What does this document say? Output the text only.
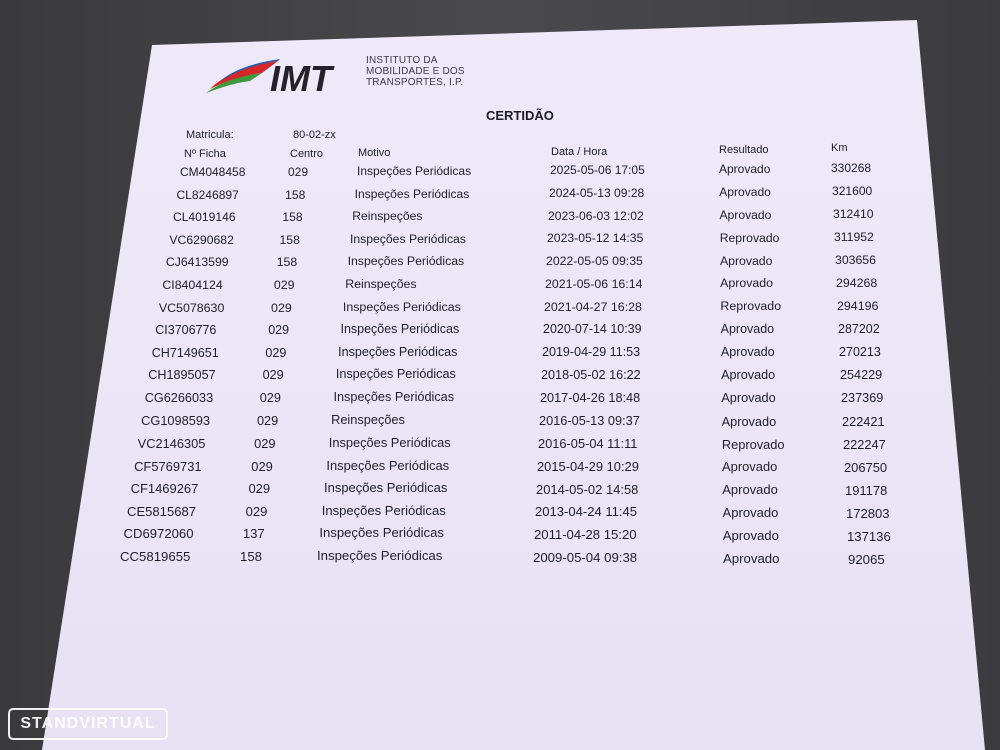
IMT	INSTITUTO DA
MOBILIDADE E DOS
TRANSPORTES, I.P.
CERTIDÃO
Matricula:	80-02-zx
Nº Ficha	Centro	Motivo	Data / Hora	Resultado	Km
CM4048458	029	Inspeções Periódicas	2025-05-06 17:05	Aprovado	330268
CL8246897	158	Inspeções Periódicas	2024-05-13 09:28	Aprovado	321600
CL4019146	158	Reinspeções	2023-06-03 12:02	Aprovado	312410
VC6290682	158	Inspeções Periódicas	2023-05-12 14:35	Reprovado	311952
CJ6413599	158	Inspeções Periódicas	2022-05-05 09:35	Aprovado	303656
CI8404124	029	Reinspeções	2021-05-06 16:14	Aprovado	294268
VC5078630	029	Inspeções Periódicas	2021-04-27 16:28	Reprovado	294196
CI3706776	029	Inspeções Periódicas	2020-07-14 10:39	Aprovado	287202
CH7149651	029	Inspeções Periódicas	2019-04-29 11:53	Aprovado	270213
CH1895057	029	Inspeções Periódicas	2018-05-02 16:22	Aprovado	254229
CG6266033	029	Inspeções Periódicas	2017-04-26 18:48	Aprovado	237369
CG1098593	029	Reinspeções	2016-05-13 09:37	Aprovado	222421
VC2146305	029	Inspeções Periódicas	2016-05-04 11:11	Reprovado	222247
CF5769731	029	Inspeções Periódicas	2015-04-29 10:29	Aprovado	206750
CF1469267	029	Inspeções Periódicas	2014-05-02 14:58	Aprovado	191178
CE5815687	029	Inspeções Periódicas	2013-04-24 11:45	Aprovado	172803
CD6972060	137	Inspeções Periódicas	2011-04-28 15:20	Aprovado	137136
CC5819655	158	Inspeções Periódicas	2009-05-04 09:38	Aprovado	92065
STANDVIRTUAL
